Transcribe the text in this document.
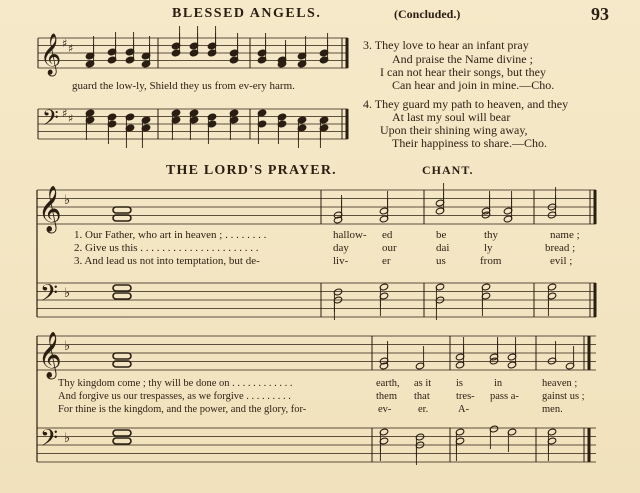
BLESSED ANGELS.	(Concluded.)	93
guard the low-ly, Shield they us from ev-ery harm.
3. They love to hear an infant pray
And praise the Name divine ;
I can not hear their songs, but they
Can hear and join in mine.—Cho.
4. They guard my path to heaven, and they
At last my soul will bear
Upon their shining wing away,
Their happiness to share.—Cho.
THE LORD'S PRAYER.	CHANT.
1. Our Father, who art in heaven ; . . . . . . . .
2. Give us this . . . . . . . . . . . . . . . . . . . . . .
3. And lead us not into temptation, but de-
hallow- ed	be	thy	name ;
day	our	dai	ly	bread ;
liv-	er	us	from	evil ;
Thy kingdom come ; thy will be done on . . . . . . . . . . . .
And forgive us our trespasses, as we forgive . . . . . . . . .
For thine is the kingdom, and the power, and the glory, for-
earth, as it is	in	heaven ;
them that	tres- pass a- gainst us ;
ev-	er.	A-	men.
𝄞 ♯ ♯
𝄢 ♯ ♯
𝄞 ♭
𝄢 ♭
𝄞 ♭
𝄢 ♭
